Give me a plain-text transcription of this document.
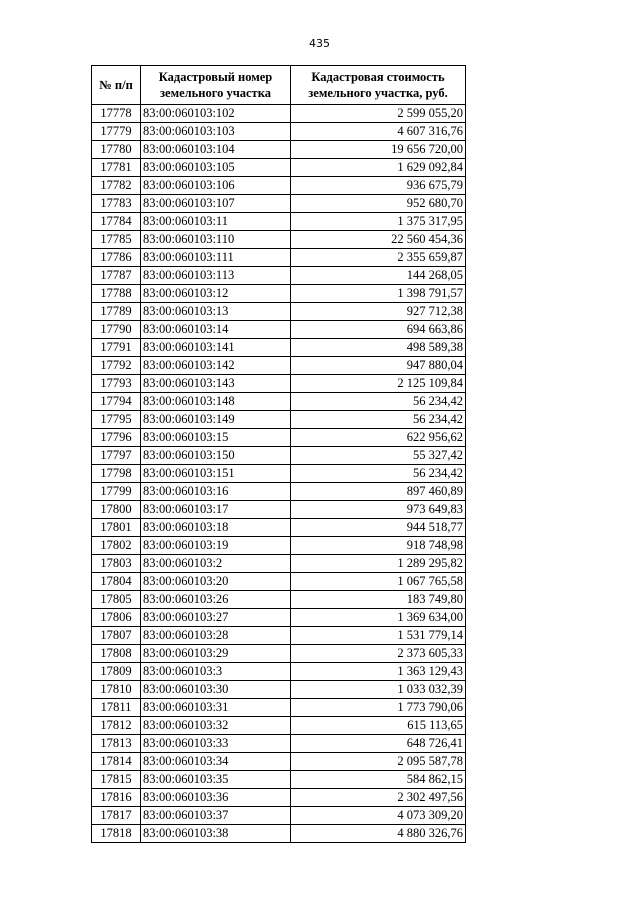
435
№ п/п	Кадастровый номер земельного участка	Кадастровая стоимость земельного участка, руб.
17778	83:00:060103:102	2 599 055,20
17779	83:00:060103:103	4 607 316,76
17780	83:00:060103:104	19 656 720,00
17781	83:00:060103:105	1 629 092,84
17782	83:00:060103:106	936 675,79
17783	83:00:060103:107	952 680,70
17784	83:00:060103:11	1 375 317,95
17785	83:00:060103:110	22 560 454,36
17786	83:00:060103:111	2 355 659,87
17787	83:00:060103:113	144 268,05
17788	83:00:060103:12	1 398 791,57
17789	83:00:060103:13	927 712,38
17790	83:00:060103:14	694 663,86
17791	83:00:060103:141	498 589,38
17792	83:00:060103:142	947 880,04
17793	83:00:060103:143	2 125 109,84
17794	83:00:060103:148	56 234,42
17795	83:00:060103:149	56 234,42
17796	83:00:060103:15	622 956,62
17797	83:00:060103:150	55 327,42
17798	83:00:060103:151	56 234,42
17799	83:00:060103:16	897 460,89
17800	83:00:060103:17	973 649,83
17801	83:00:060103:18	944 518,77
17802	83:00:060103:19	918 748,98
17803	83:00:060103:2	1 289 295,82
17804	83:00:060103:20	1 067 765,58
17805	83:00:060103:26	183 749,80
17806	83:00:060103:27	1 369 634,00
17807	83:00:060103:28	1 531 779,14
17808	83:00:060103:29	2 373 605,33
17809	83:00:060103:3	1 363 129,43
17810	83:00:060103:30	1 033 032,39
17811	83:00:060103:31	1 773 790,06
17812	83:00:060103:32	615 113,65
17813	83:00:060103:33	648 726,41
17814	83:00:060103:34	2 095 587,78
17815	83:00:060103:35	584 862,15
17816	83:00:060103:36	2 302 497,56
17817	83:00:060103:37	4 073 309,20
17818	83:00:060103:38	4 880 326,76
